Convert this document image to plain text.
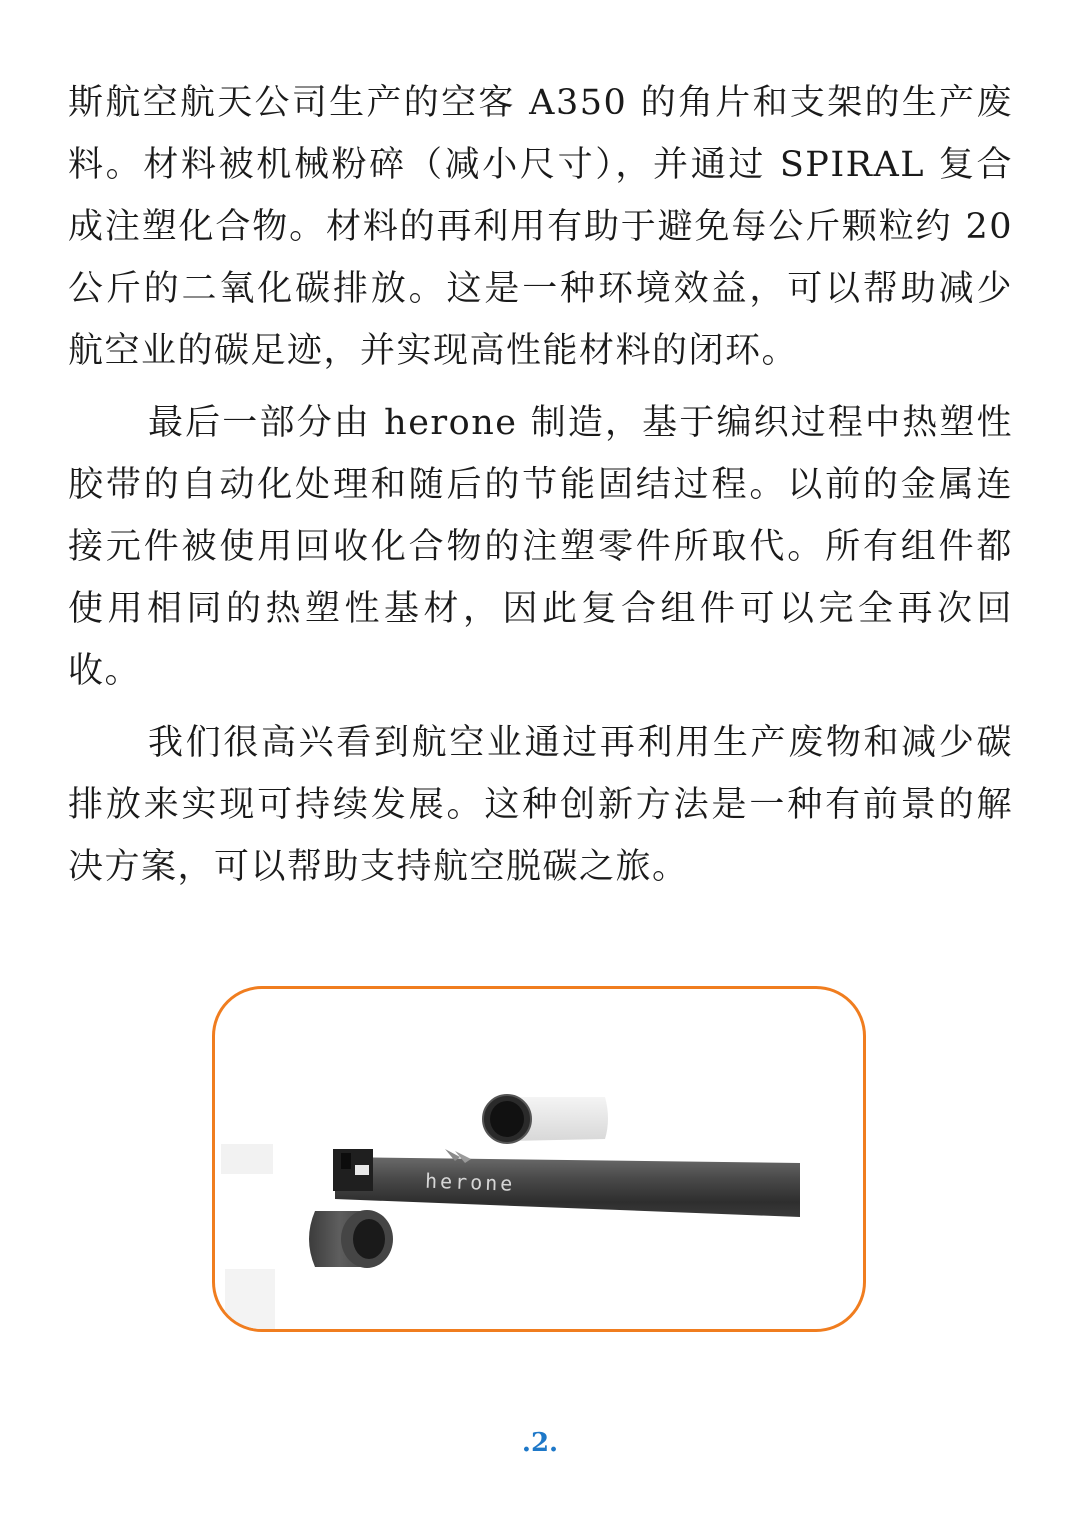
斯航空航天公司生产的空客 A350 的角片和支架的生产废料。材料被机械粉碎（减小尺寸），并通过 SPIRAL 复合成注塑化合物。材料的再利用有助于避免每公斤颗粒约 20 公斤的二氧化碳排放。这是一种环境效益，可以帮助减少航空业的碳足迹，并实现高性能材料的闭环。

最后一部分由 herone 制造，基于编织过程中热塑性胶带的自动化处理和随后的节能固结过程。以前的金属连接元件被使用回收化合物的注塑零件所取代。所有组件都使用相同的热塑性基材，因此复合组件可以完全再次回收。

我们很高兴看到航空业通过再利用生产废物和减少碳排放来实现可持续发展。这种创新方法是一种有前景的解决方案，可以帮助支持航空脱碳之旅。

herone
.2.
